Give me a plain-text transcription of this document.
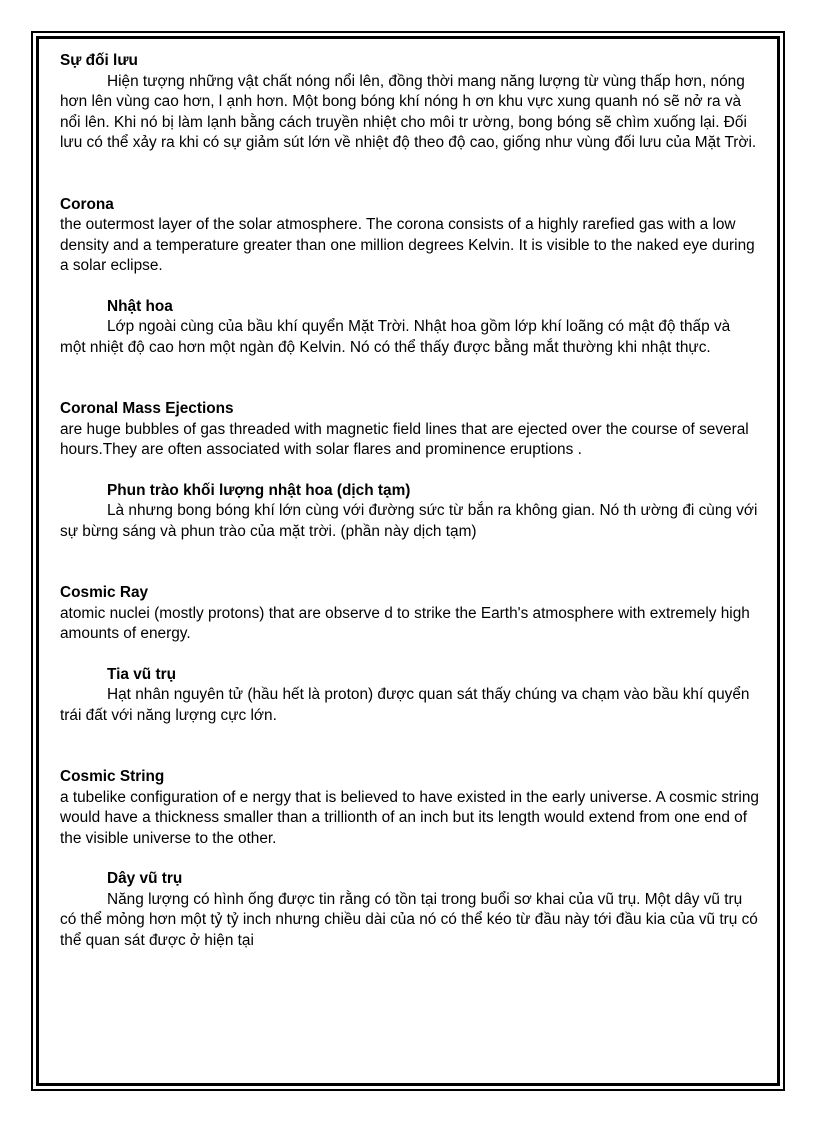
Sự đối lưu

Hiện tượng những vật chất nóng nổi lên, đồng thời mang năng lượng từ vùng thấp hơn, nóng hơn lên vùng cao hơn, l ạnh hơn. Một bong bóng khí nóng h ơn khu vực xung quanh nó sẽ nở ra và nổi lên. Khi nó bị làm lạnh bằng cách truyền nhiệt cho môi tr ường, bong bóng sẽ chìm xuống lại. Đối lưu có thể xảy ra khi có sự giảm sút lớn về nhiệt độ theo độ cao, giống như vùng đối lưu của Mặt Trời.

Corona

the outermost layer of the solar atmosphere. The corona consists of a highly rarefied gas with a low density and a temperature greater than one million degrees Kelvin. It is visible to the naked eye during a solar eclipse.

Nhật hoa

Lớp ngoài cùng của bầu khí quyển Mặt Trời. Nhật hoa gồm lớp khí loãng có mật độ thấp và một nhiệt độ cao hơn một ngàn độ Kelvin. Nó có thể thấy được bằng mắt thường khi nhật thực.

Coronal Mass Ejections

are huge bubbles of gas threaded with magnetic field lines that are ejected over the course of several hours.They are often associated with solar flares and prominence eruptions .

Phun trào khối lượng nhật hoa (dịch tạm)

Là nhưng bong bóng khí lớn cùng với đường sức từ bắn ra không gian. Nó th ường đi cùng với sự bừng sáng và phun trào của mặt trời. (phần này dịch tạm)

Cosmic Ray

atomic nuclei (mostly protons) that are observe d to strike the Earth's atmosphere with extremely high amounts of energy.

Tia vũ trụ

Hạt nhân nguyên tử (hầu hết là proton) được quan sát thấy chúng va chạm vào bầu khí quyển trái đất với năng lượng cực lớn.

Cosmic String

a tubelike configuration of e nergy that is believed to have existed in the early universe. A cosmic string would have a thickness smaller than a trillionth of an inch but its length would extend from one end of the visible universe to the other.

Dây vũ trụ

Năng lượng có hình ống được tin rằng có tồn tại trong buổi sơ khai của vũ trụ. Một dây vũ trụ có thể mỏng hơn một tỷ tỷ inch nhưng chiều dài của nó có thể kéo từ đầu này tới đầu kia của vũ trụ có thể quan sát được ở hiện tại
